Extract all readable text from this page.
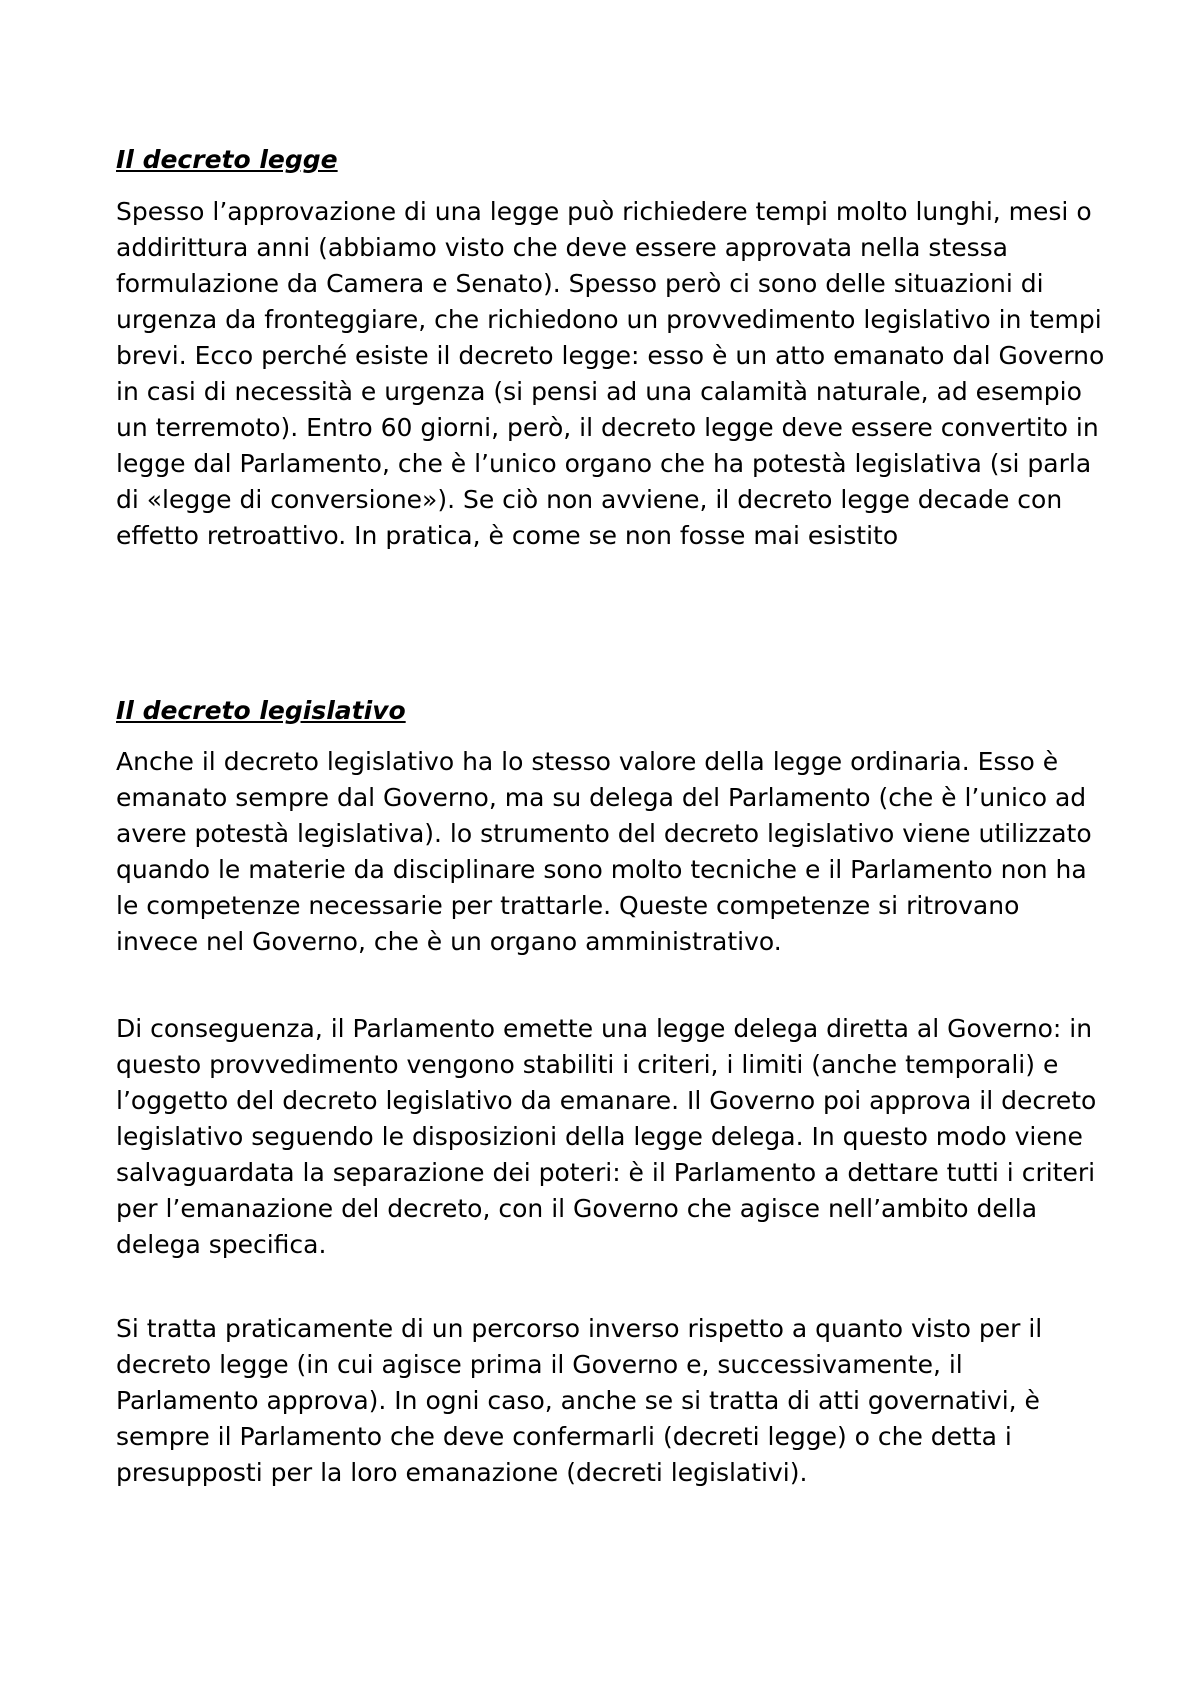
Il decreto legge

Spesso l’approvazione di una legge può richiedere tempi molto lunghi, mesi o addirittura anni (abbiamo visto che deve essere approvata nella stessa formulazione da Camera e Senato). Spesso però ci sono delle situazioni di urgenza da fronteggiare, che richiedono un provvedimento legislativo in tempi brevi. Ecco perché esiste il decreto legge: esso è un atto emanato dal Governo in casi di necessità e urgenza (si pensi ad una calamità naturale, ad esempio un terremoto). Entro 60 giorni, però, il decreto legge deve essere convertito in legge dal Parlamento, che è l’unico organo che ha potestà legislativa (si parla di «legge di conversione»). Se ciò non avviene, il decreto legge decade con effetto retroattivo. In pratica, è come se non fosse mai esistito

Il decreto legislativo

Anche il decreto legislativo ha lo stesso valore della legge ordinaria. Esso è emanato sempre dal Governo, ma su delega del Parlamento (che è l’unico ad avere potestà legislativa). lo strumento del decreto legislativo viene utilizzato quando le materie da disciplinare sono molto tecniche e il Parlamento non ha le competenze necessarie per trattarle. Queste competenze si ritrovano invece nel Governo, che è un organo amministrativo.

Di conseguenza, il Parlamento emette una legge delega diretta al Governo: in questo provvedimento vengono stabiliti i criteri, i limiti (anche temporali) e l’oggetto del decreto legislativo da emanare. Il Governo poi approva il decreto legislativo seguendo le disposizioni della legge delega. In questo modo viene salvaguardata la separazione dei poteri: è il Parlamento a dettare tutti i criteri per l’emanazione del decreto, con il Governo che agisce nell’ambito della delega specifica.

Si tratta praticamente di un percorso inverso rispetto a quanto visto per il decreto legge (in cui agisce prima il Governo e, successivamente, il Parlamento approva). In ogni caso, anche se si tratta di atti governativi, è sempre il Parlamento che deve confermarli (decreti legge) o che detta i presupposti per la loro emanazione (decreti legislativi).
